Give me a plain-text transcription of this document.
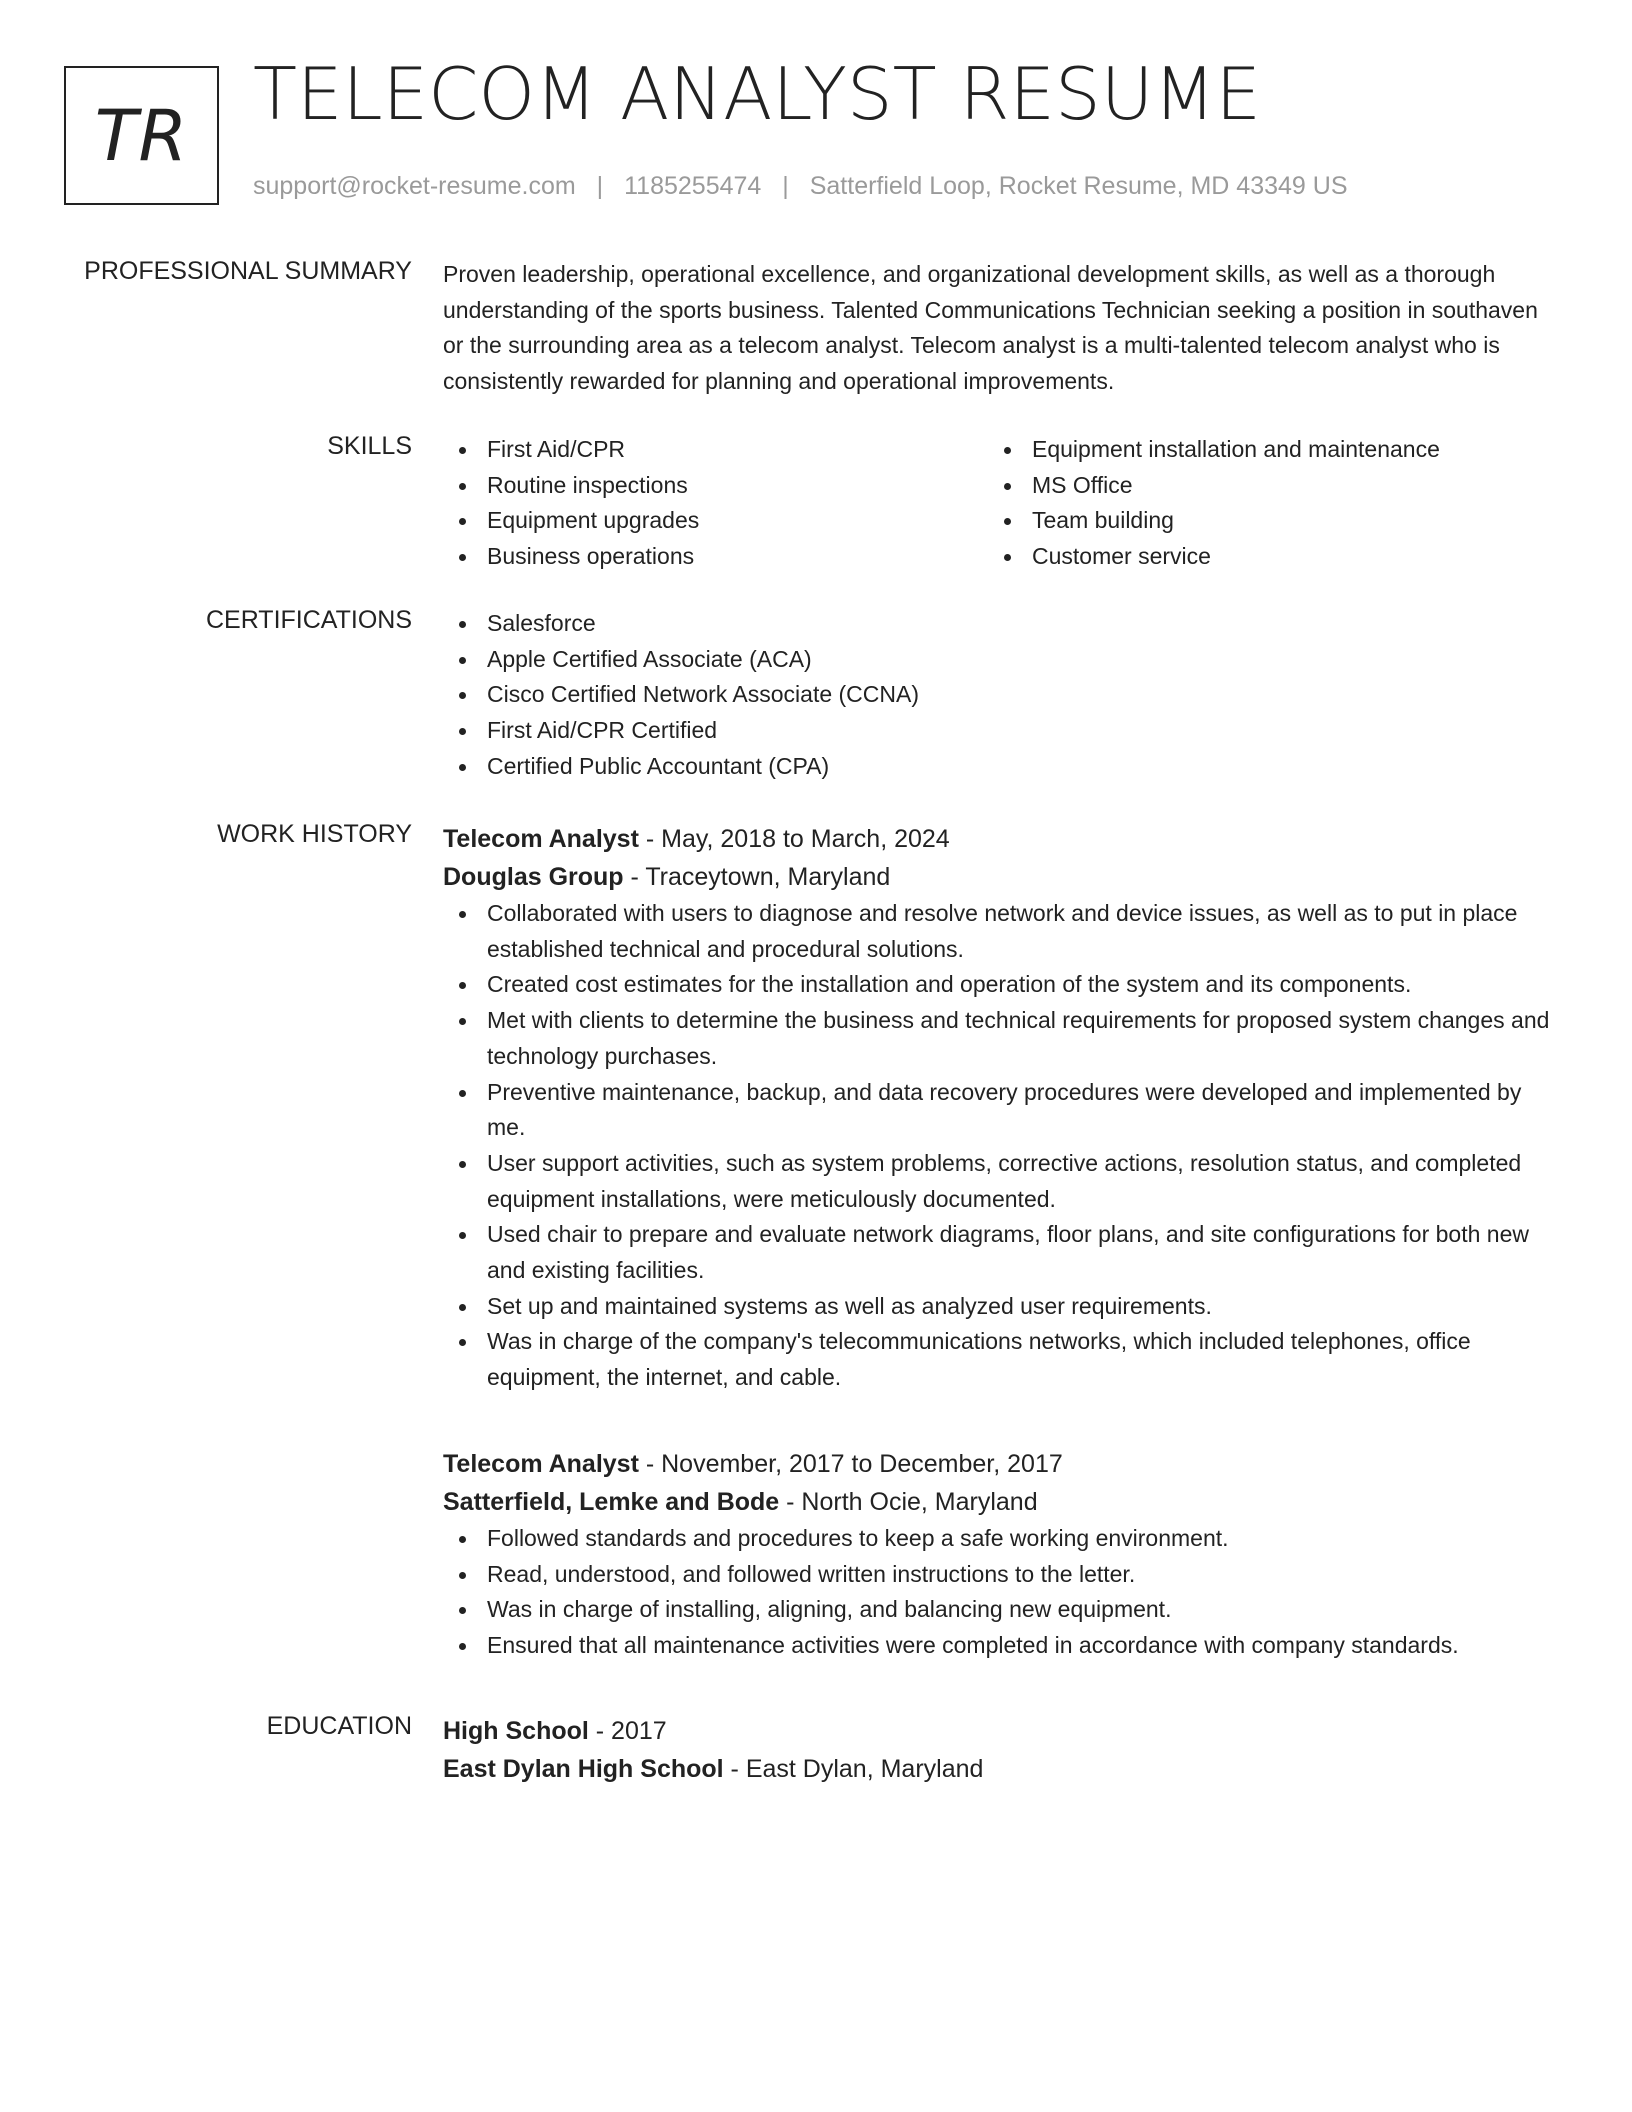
TR TELECOM ANALYST RESUME
support@rocket-resume.com | 1185255474 | Satterfield Loop, Rocket Resume, MD 43349 US
PROFESSIONAL SUMMARY Proven leadership, operational excellence, and organizational development skills, as well as a thorough understanding of the sports business. Talented Communications Technician seeking a position in southaven or the surrounding area as a telecom analyst. Telecom analyst is a multi-talented telecom analyst who is consistently rewarded for planning and operational improvements.

SKILLS	First Aid/CPR
Routine inspections
Equipment upgrades
Business operations
Equipment installation and maintenance
MS Office
Team building
Customer service
CERTIFICATIONS	Salesforce
Apple Certified Associate (ACA)
Cisco Certified Network Associate (CCNA)
First Aid/CPR Certified
Certified Public Accountant (CPA)
WORK HISTORY Telecom Analyst - May, 2018 to March, 2024
Douglas Group - Traceytown, Maryland
Collaborated with users to diagnose and resolve network and device issues, as well as to put in place established technical and procedural solutions.
Created cost estimates for the installation and operation of the system and its components.
Met with clients to determine the business and technical requirements for proposed system changes and technology purchases.
Preventive maintenance, backup, and data recovery procedures were developed and implemented by me.
User support activities, such as system problems, corrective actions, resolution status, and completed equipment installations, were meticulously documented.
Used chair to prepare and evaluate network diagrams, floor plans, and site configurations for both new and existing facilities.
Set up and maintained systems as well as analyzed user requirements.
Was in charge of the company's telecommunications networks, which included telephones, office equipment, the internet, and cable.
Telecom Analyst - November, 2017 to December, 2017
Satterfield, Lemke and Bode - North Ocie, Maryland
Followed standards and procedures to keep a safe working environment.
Read, understood, and followed written instructions to the letter.
Was in charge of installing, aligning, and balancing new equipment.
Ensured that all maintenance activities were completed in accordance with company standards.
EDUCATION High School - 2017
East Dylan High School - East Dylan, Maryland
